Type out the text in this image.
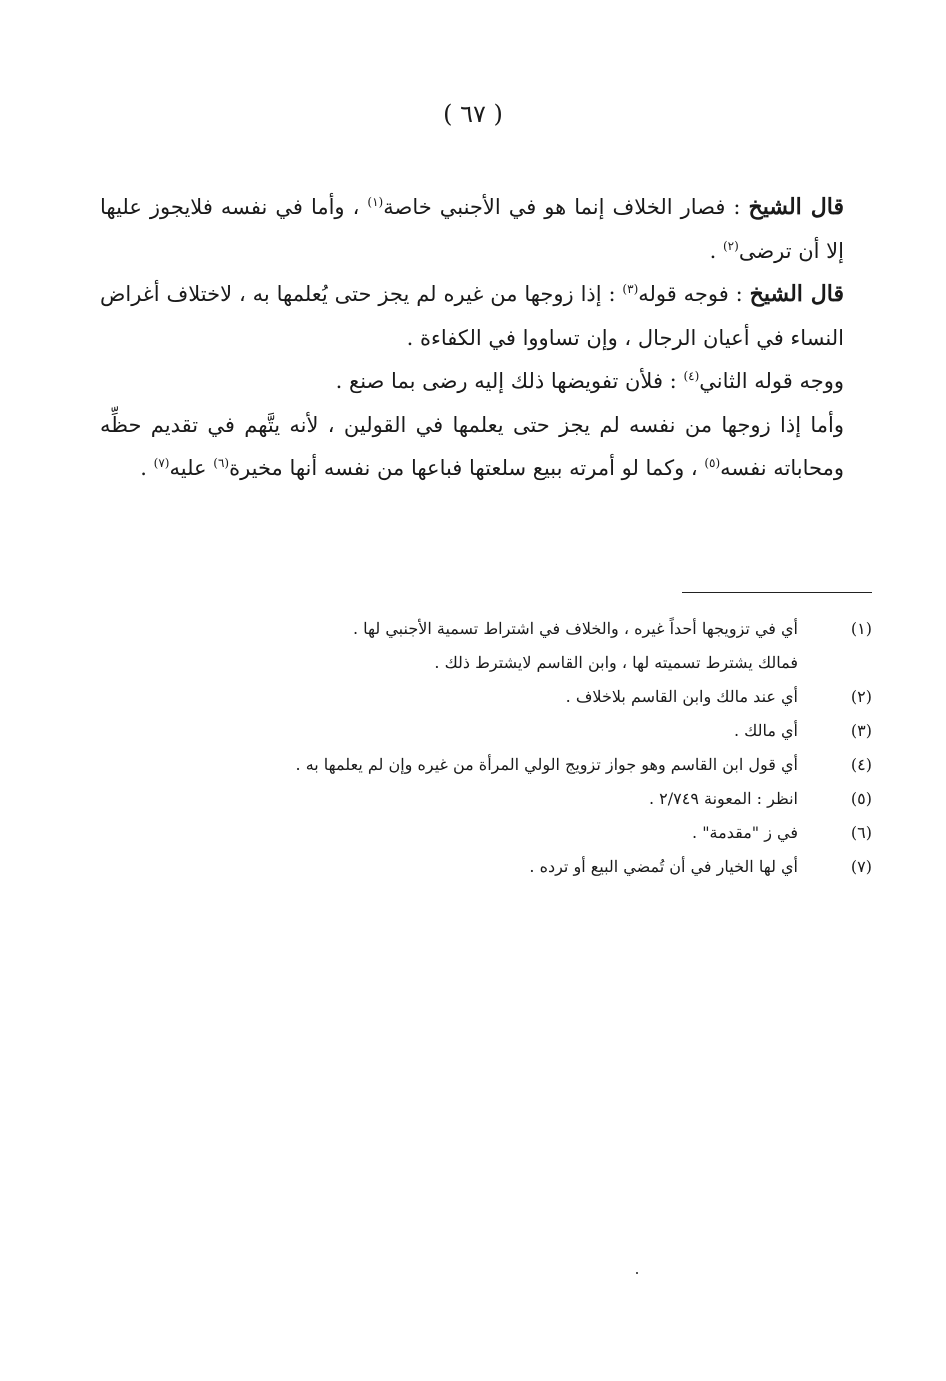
( ٦٧ )

قال الشيخ : فصار الخلاف إنما هو في الأجنبي خاصة$^{(١)}$ ، وأما في نفسه فلايجوز عليها إلا أن ترضى$^{(٢)}$ .

قال الشيخ : فوجه قوله$^{(٣)}$ : إذا زوجها من غيره لم يجز حتى يُعلمها به ، لاختلاف أغراض النساء في أعيان الرجال ، وإن تساووا في الكفاءة .

ووجه قوله الثاني$^{(٤)}$ : فلأن تفويضها ذلك إليه رضى بما صنع .

وأما إذا زوجها من نفسه لم يجز حتى يعلمها في القولين ، لأنه يتَّهم في تقديم حظِّه ومحاباته نفسه$^{(٥)}$ ، وكما لو أمرته ببيع سلعتها فباعها من نفسه أنها مخيرة$^{(٦)}$ عليه$^{(٧)}$ .

(١)
أي في تزويجها أحداً غيره ، والخلاف في اشتراط تسمية الأجنبي لها .
فمالك يشترط تسميته لها ، وابن القاسم لايشترط ذلك .
(٢)
أي عند مالك وابن القاسم بلاخلاف .
(٣)
أي مالك .
(٤)
أي قول ابن القاسم وهو جواز تزويج الولي المرأة من غيره وإن لم يعلمها به .
(٥)
انظر : المعونة ٢/٧٤٩ .
(٦)
في ز "مقدمة" .
(٧)
أي لها الخيار في أن تُمضي البيع أو ترده .
